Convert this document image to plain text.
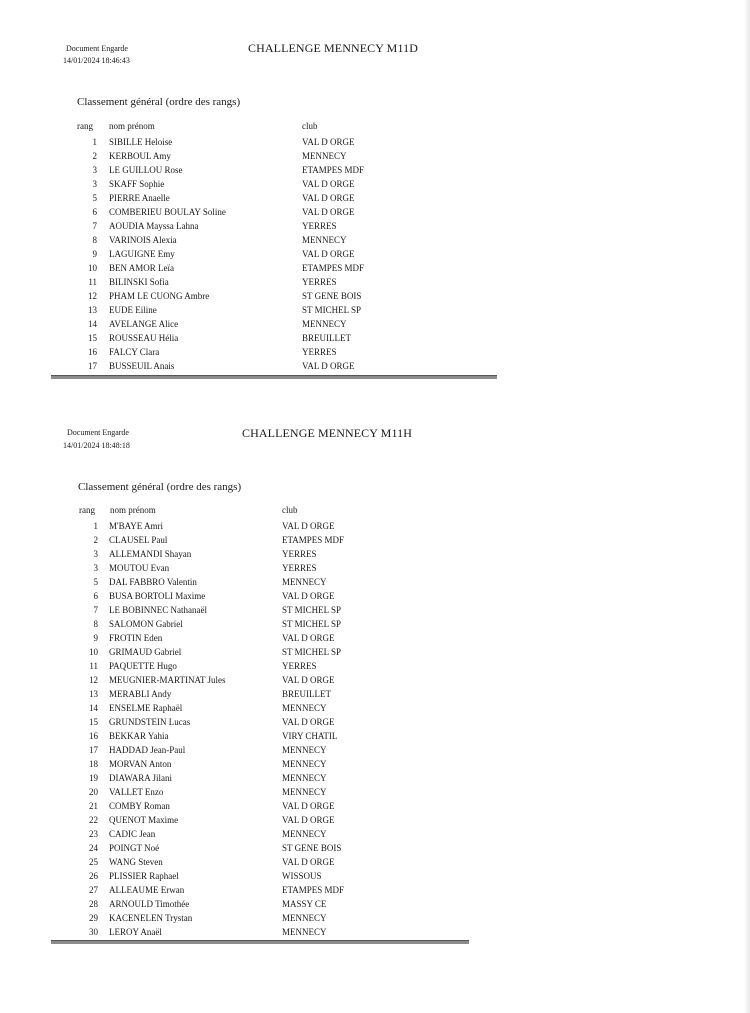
Document Engarde
14/01/2024 18:46:43
CHALLENGE MENNECY M11D
Classement général (ordre des rangs)
rang nom prénom	club
1 SIBILLE Heloise	VAL D ORGE
2 KERBOUL Amy	MENNECY
3 LE GUILLOU Rose	ETAMPES MDF
3 SKAFF Sophie	VAL D ORGE
5 PIERRE Anaelle	VAL D ORGE
6 COMBERIEU BOULAY Soline	VAL D ORGE
7 AOUDIA Mayssa Lahna	YERRES
8 VARINOIS Alexia	MENNECY
9 LAGUIGNE Emy	VAL D ORGE
10 BEN AMOR Leïa	ETAMPES MDF
11 BILINSKI Sofia	YERRES
12 PHAM LE CUONG Ambre	ST GENE BOIS
13 EUDE Eiline	ST MICHEL SP
14 AVELANGE Alice	MENNECY
15 ROUSSEAU Hélia	BREUILLET
16 FALCY Clara	YERRES
17 BUSSEUIL Anais	VAL D ORGE
Document Engarde
14/01/2024 18:48:18
CHALLENGE MENNECY M11H
Classement général (ordre des rangs)
rang nom prénom	club
1 M'BAYE Amri	VAL D ORGE
2 CLAUSEL Paul	ETAMPES MDF
3 ALLEMANDI Shayan	YERRES
3 MOUTOU Evan	YERRES
5 DAL FABBRO Valentin	MENNECY
6 BUSA BORTOLI Maxime	VAL D ORGE
7 LE BOBINNEC Nathanaël	ST MICHEL SP
8 SALOMON Gabriel	ST MICHEL SP
9 FROTIN Eden	VAL D ORGE
10 GRIMAUD Gabriel	ST MICHEL SP
11 PAQUETTE Hugo	YERRES
12 MEUGNIER-MARTINAT Jules	VAL D ORGE
13 MERABLI Andy	BREUILLET
14 ENSELME Raphaël	MENNECY
15 GRUNDSTEIN Lucas	VAL D ORGE
16 BEKKAR Yahia	VIRY CHATIL
17 HADDAD Jean-Paul	MENNECY
18 MORVAN Anton	MENNECY
19 DIAWARA Jilani	MENNECY
20 VALLET Enzo	MENNECY
21 COMBY Roman	VAL D ORGE
22 QUENOT Maxime	VAL D ORGE
23 CADIC Jean	MENNECY
24 POINGT Noé	ST GENE BOIS
25 WANG Steven	VAL D ORGE
26 PLISSIER Raphael	WISSOUS
27 ALLEAUME Erwan	ETAMPES MDF
28 ARNOULD Timothée	MASSY CE
29 KACENELEN Trystan	MENNECY
30 LEROY Anaël	MENNECY
